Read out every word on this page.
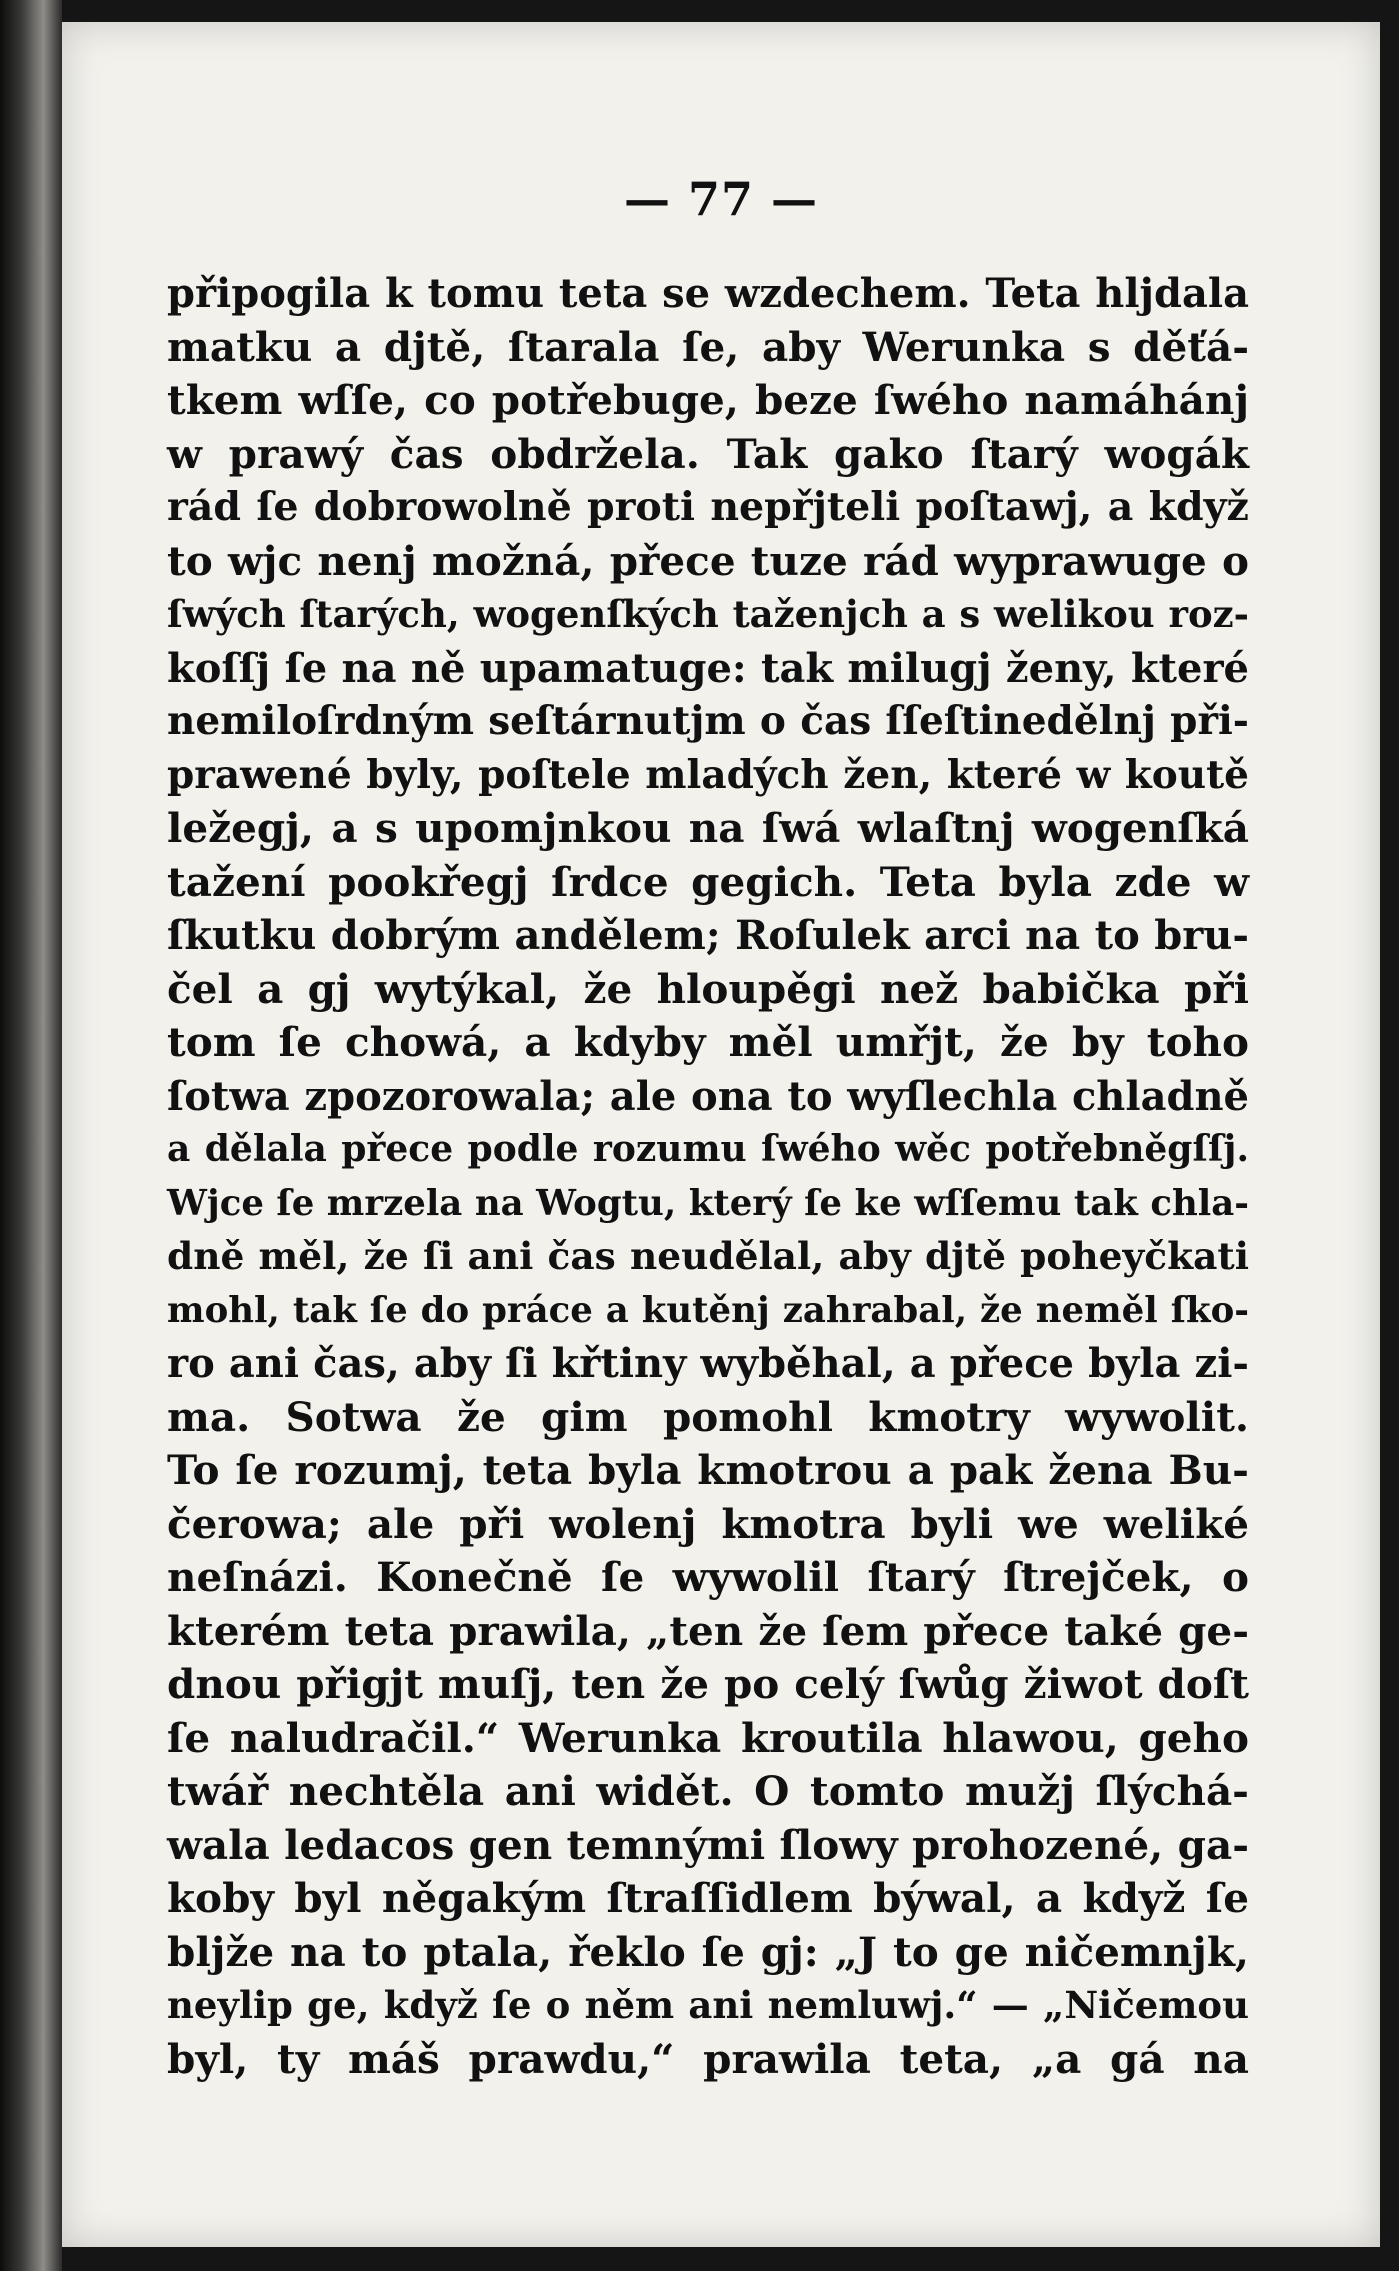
— 77 —
připogila k tomu teta se wzdechem. Teta hljdala
matku a djtě, ſtarala ſe, aby Werunka s děťá-
tkem wſſe, co potřebuge, beze ſwého namáhánj
w prawý čas obdržela. Tak gako ſtarý wogák
rád ſe dobrowolně proti nepřjteli poſtawj, a když
to wjc nenj možná, přece tuze rád wyprawuge o
ſwých ſtarých, wogenſkých taženjch a s welikou roz-
koſſj ſe na ně upamatuge: tak milugj ženy, které
nemiloſrdným seſtárnutjm o čas ſſeſtinedělnj při-
prawené byly, poſtele mladých žen, které w koutě
ležegj, a s upomjnkou na ſwá wlaſtnj wogenſká
tažení pookřegj ſrdce gegich. Teta byla zde w
ſkutku dobrým andělem; Roſulek arci na to bru-
čel a gj wytýkal, že hloupěgi než babička při
tom ſe chowá, a kdyby měl umřjt, že by toho
ſotwa zpozorowala; ale ona to wyſlechla chladně
a dělala přece podle rozumu ſwého wěc potřebněgſſj.
Wjce ſe mrzela na Wogtu, který ſe ke wſſemu tak chla-
dně měl, že ſi ani čas neudělal, aby djtě poheyčkati
mohl, tak ſe do práce a kutěnj zahrabal, že neměl ſko-
ro ani čas, aby ſi křtiny wyběhal, a přece byla zi-
ma. Sotwa že gim pomohl kmotry wywolit.
To ſe rozumj, teta byla kmotrou a pak žena Bu-
čerowa; ale při wolenj kmotra byli we weliké
neſnázi. Konečně ſe wywolil ſtarý ſtrejček, o
kterém teta prawila, „ten že ſem přece také ge-
dnou přigjt muſj, ten že po celý ſwůg žiwot doſt
ſe naludračil.“ Werunka kroutila hlawou, geho
twář nechtěla ani widět. O tomto mužj ſlýchá-
wala ledacos gen temnými ſlowy prohozené, ga-
koby byl něgakým ſtraſſidlem býwal, a když ſe
bljže na to ptala, řeklo ſe gj: „J to ge ničemnjk,
neylip ge, když ſe o něm ani nemluwj.“ — „Ničemou
byl, ty máš prawdu,“ prawila teta, „a gá na
